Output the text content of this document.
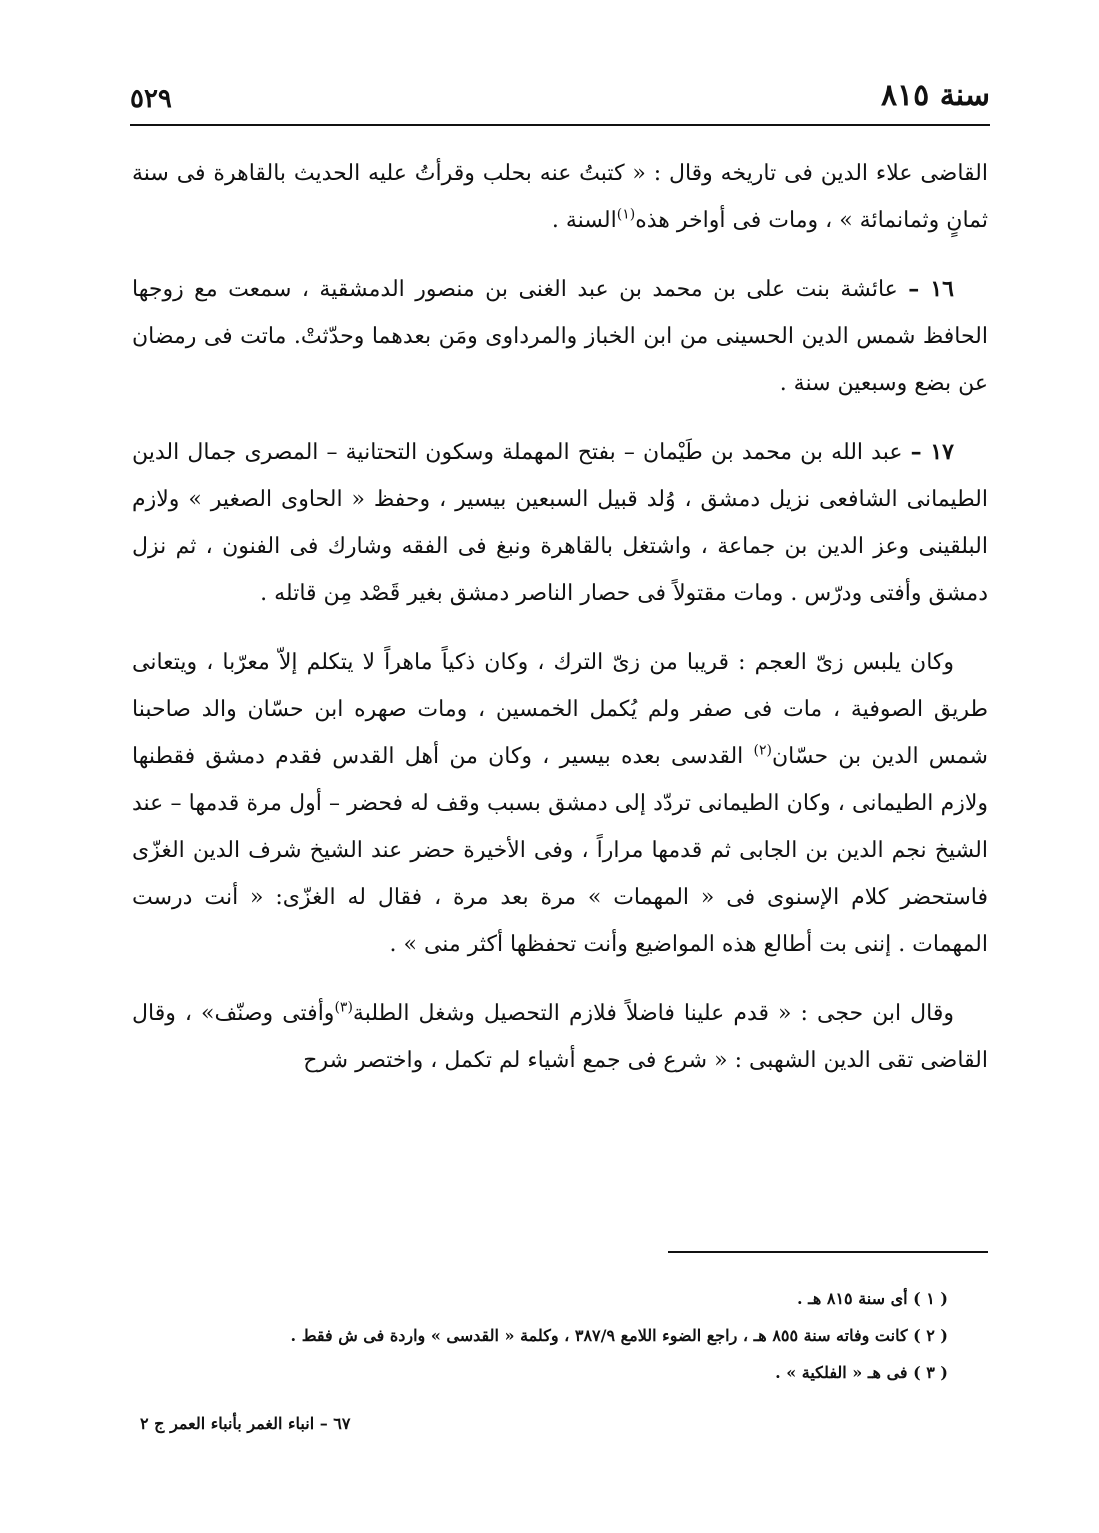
سنة ٨١٥
٥٢٩

القاضى علاء الدين فى تاريخه وقال : « كتبتُ عنه بحلب وقرأتُ عليه الحديث بالقاهرة فى سنة ثمانٍ وثمانمائة » ، ومات فى أواخر هذه$^{(١)}$السنة .

١٦ – عائشة بنت على بن محمد بن عبد الغنى بن منصور الدمشقية ، سمعت مع زوجها الحافظ شمس الدين الحسينى من ابن الخباز والمرداوى ومَن بعدهما وحدّثتْ. ماتت فى رمضان عن بضع وسبعين سنة .

١٧ – عبد الله بن محمد بن طَيْمان – بفتح المهملة وسكون التحتانية – المصرى جمال الدين الطيمانى الشافعى نزيل دمشق ، وُلد قبيل السبعين بيسير ، وحفظ « الحاوى الصغير » ولازم البلقينى وعز الدين بن جماعة ، واشتغل بالقاهرة ونبغ فى الفقه وشارك فى الفنون ، ثم نزل دمشق وأفتى ودرّس . ومات مقتولاً فى حصار الناصر دمشق بغير قَصْد مِن قاتله .

وكان يلبس زىّ العجم : قريبا من زىّ الترك ، وكان ذكياً ماهراً لا يتكلم إلاّ معرّبا ، ويتعانى طريق الصوفية ، مات فى صفر ولم يُكمل الخمسين ، ومات صهره ابن حسّان والد صاحبنا شمس الدين بن حسّان$^{(٢)}$ القدسى بعده بيسير ، وكان من أهل القدس فقدم دمشق فقطنها ولازم الطيمانى ، وكان الطيمانى تردّد إلى دمشق بسبب وقف له فحضر – أول مرة قدمها – عند الشيخ نجم الدين بن الجابى ثم قدمها مراراً ، وفى الأخيرة حضر عند الشيخ شرف الدين الغزّى فاستحضر كلام الإسنوى فى « المهمات » مرة بعد مرة ، فقال له الغزّى: « أنت درست المهمات . إننى بت أطالع هذه المواضيع وأنت تحفظها أكثر منى » .

وقال ابن حجى : « قدم علينا فاضلاً فلازم التحصيل وشغل الطلبة$^{(٣)}$وأفتى وصنّف» ، وقال القاضى تقى الدين الشهبى : « شرع فى جمع أشياء لم تكمل ، واختصر شرح

( ١ ) أى سنة ٨١٥ هـ .
( ٢ ) كانت وفاته سنة ٨٥٥ هـ ، راجع الضوء اللامع ٣٨٧/٩ ، وكلمة « القدسى » واردة فى ش فقط .
( ٣ ) فى هـ « الفلكية » .
٦٧ – انباء الغمر بأنباء العمر ج ٢
